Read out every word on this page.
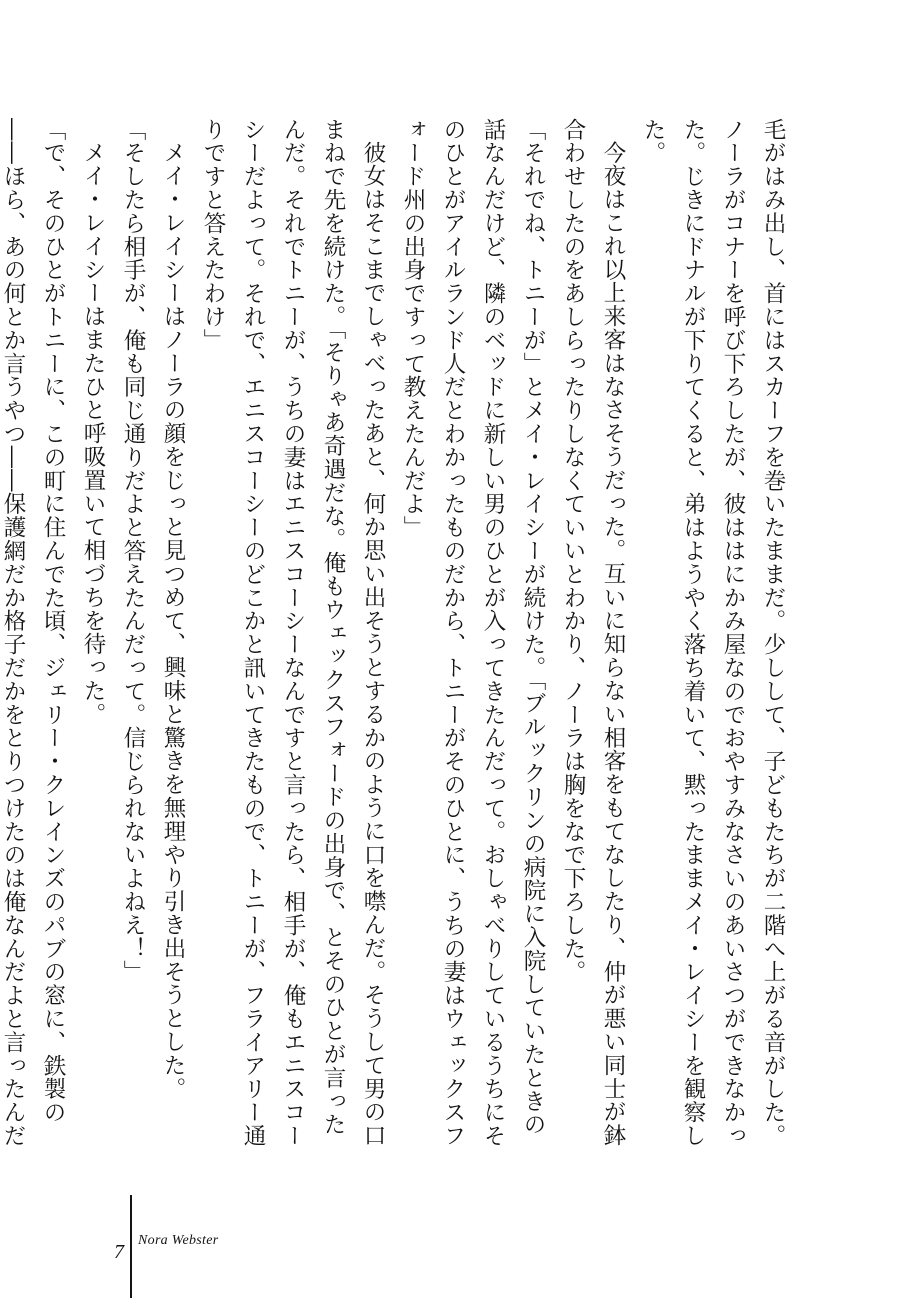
毛がはみ出し、首にはスカーフを巻いたままだ。少しして、子どもたちが二階へ上がる音がした。ノーラがコナーを呼び下ろしたが、彼ははにかみ屋なのでおやすみなさいのあいさつができなかった。じきにドナルが下りてくると、弟はようやく落ち着いて、黙ったままメイ・レイシーを観察した。

今夜はこれ以上来客はなさそうだった。互いに知らない相客をもてなしたり、仲が悪い同士が鉢合わせしたのをあしらったりしなくていいとわかり、ノーラは胸をなで下ろした。

「それでね、トニーが」とメイ・レイシーが続けた。「ブルックリンの病院に入院していたときの話なんだけど、隣のベッドに新しい男のひとが入ってきたんだって。おしゃべりしているうちにそのひとがアイルランド人だとわかったものだから、トニーがそのひとに、うちの妻はウェックスフォード州の出身ですって教えたんだよ」

彼女はそこまでしゃべったあと、何か思い出そうとするかのように口を噤んだ。そうして男の口まねで先を続けた。「そりゃあ奇遇だな。俺もウェックスフォードの出身で、とそのひとが言ったんだ。それでトニーが、うちの妻はエニスコーシーなんですと言ったら、相手が、俺もエニスコーシーだよって。それで、エニスコーシーのどこかと訊いてきたもので、トニーが、フライアリー通りですと答えたわけ」

メイ・レイシーはノーラの顔をじっと見つめて、興味と驚きを無理やり引き出そうとした。

「そしたら相手が、俺も同じ通りだよと答えたんだって。信じられないよねえ！」

メイ・レイシーはまたひと呼吸置いて相づちを待った。

「で、そのひとがトニーに、この町に住んでた頃、ジェリー・クレインズのパブの窓に、鉄製の――ほら、あの何とか言うやつ――保護網だか格子だかをとりつけたのは俺なんだよと言ったんだ

7
Nora Webster
